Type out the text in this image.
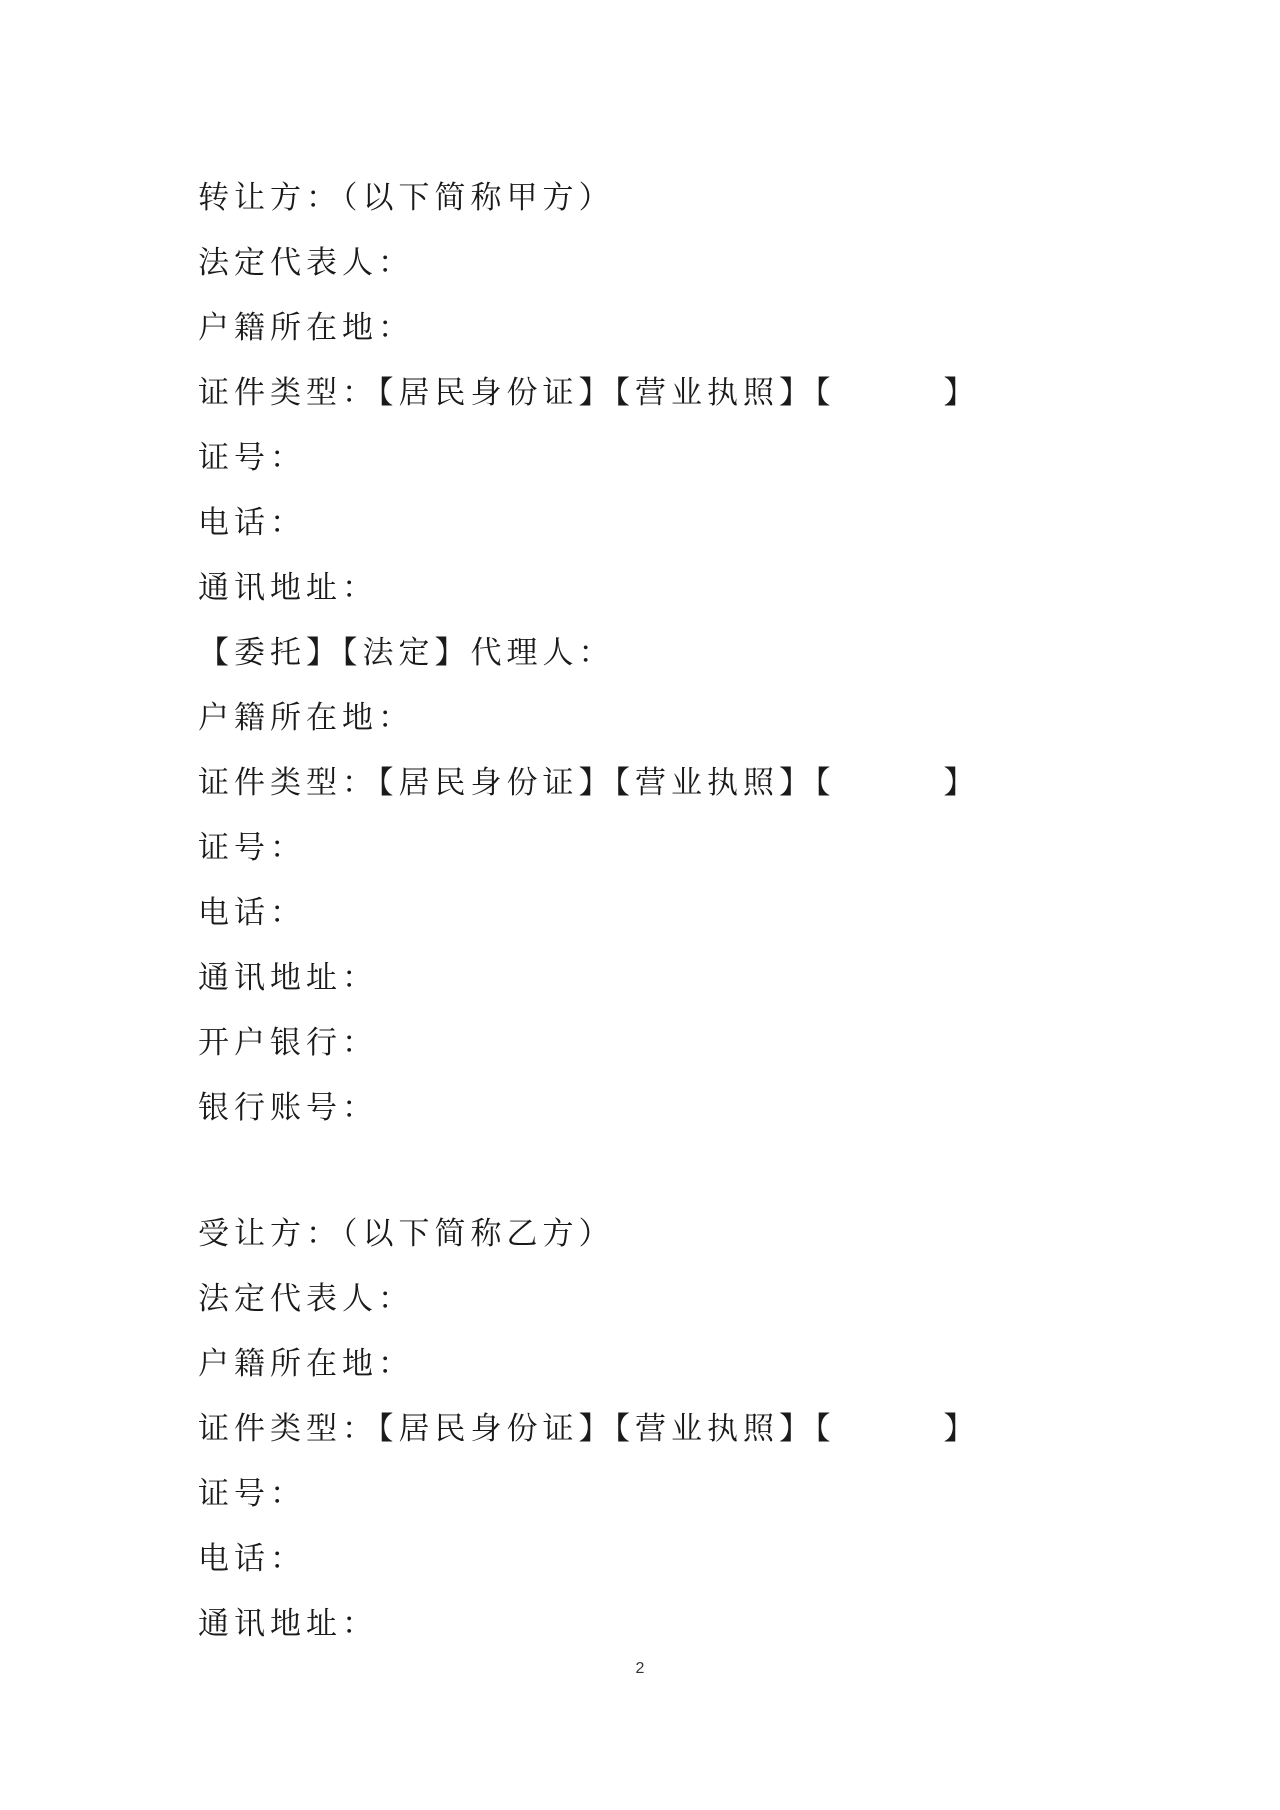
转让方：（以下简称甲方）
法定代表人：
户籍所在地：
证件类型：【居民身份证】【营业执照】【	】
证号：
电话：
通讯地址：
【委托】【法定】代理人：
户籍所在地：
证件类型：【居民身份证】【营业执照】【	】
证号：
电话：
通讯地址：
开户银行：
银行账号：
受让方：（以下简称乙方）
法定代表人：
户籍所在地：
证件类型：【居民身份证】【营业执照】【	】
证号：
电话：
通讯地址：
2
